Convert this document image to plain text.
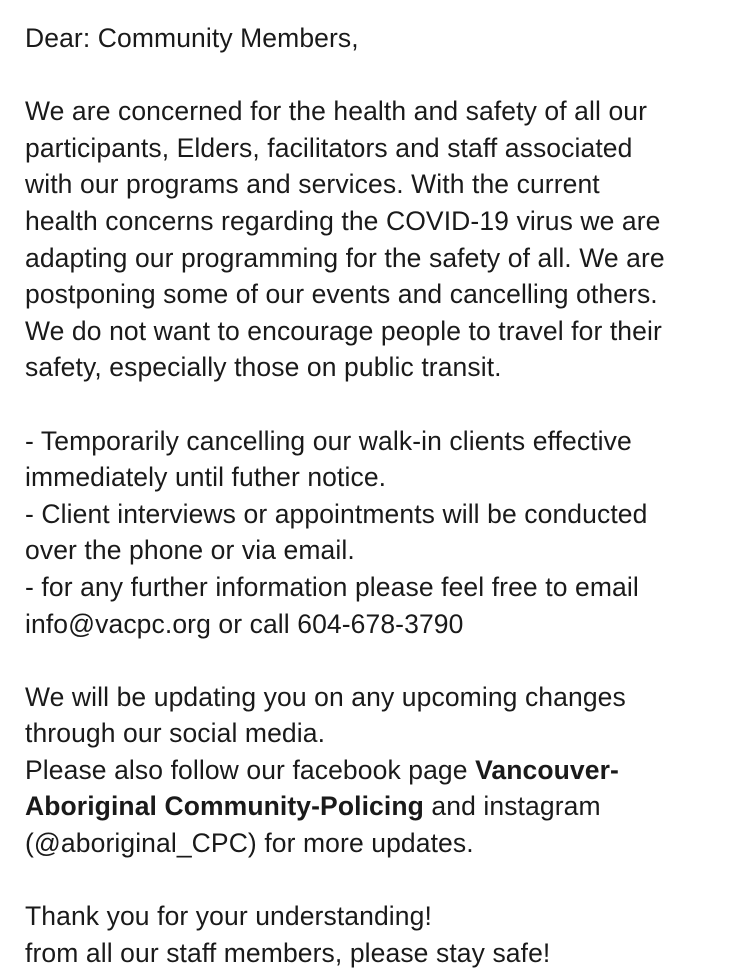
Dear: Community Members,
We are concerned for the health and safety of all our
participants, Elders, facilitators and staff associated
with our programs and services. With the current
health concerns regarding the COVID-19 virus we are
adapting our programming for the safety of all. We are
postponing some of our events and cancelling others.
We do not want to encourage people to travel for their
safety, especially those on public transit.
- Temporarily cancelling our walk-in clients effective
immediately until futher notice.
- Client interviews or appointments will be conducted
over the phone or via email.
- for any further information please feel free to email
info@vacpc.org or call 604-678-3790
We will be updating you on any upcoming changes
through our social media.
Please also follow our facebook page Vancouver-
Aboriginal Community-Policing and instagram
(@aboriginal_CPC) for more updates.
Thank you for your understanding!
from all our staff members, please stay safe!
